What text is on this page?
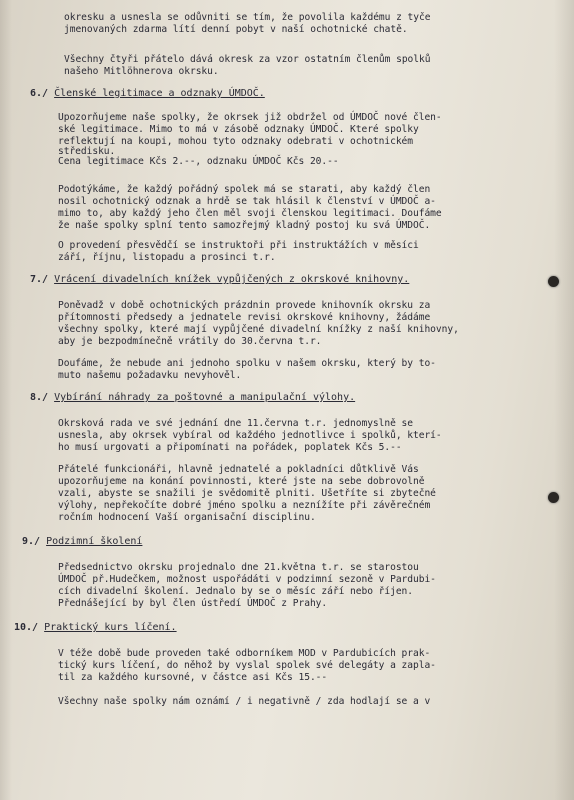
okresku a usnesla se odůvniti se tím, že povolila každému z tyče
jmenovaných zdarma lítí denní pobyt v naší ochotnické chatě.
Všechny čtyři přátelo dává okresk za vzor ostatním členům spolků
našeho Mitlöhnerova okrsku.
6./ Členské legitimace a odznaky ÚMDOČ.
Upozorňujeme naše spolky, že okrsek již obdržel od ÚMDOČ nové člen-
ské legitimace. Mimo to má v zásobě odznaky ÚMDOČ. Které spolky
reflektují na koupi, mohou tyto odznaky odebrati v ochotnickém
středisku.
Cena legitimace Kčs 2.--, odznaku ÚMDOČ Kčs 20.--
Podotýkáme, že každý pořádný spolek má se starati, aby každý člen
nosil ochotnický odznak a hrdě se tak hlásil k členství v ÚMDOČ a-
mimo to, aby každý jeho člen měl svoji členskou legitimaci. Doufáme
že naše spolky splní tento samozřejmý kladný postoj ku svá ÚMDOČ.
O provedení přesvědčí se instruktoři při instruktážích v měsíci
září, říjnu, listopadu a prosinci t.r.
7./ Vrácení divadelních knížek vypůjčených z okrskové knihovny.
Poněvadž v době ochotnických prázdnin provede knihovník okrsku za
přítomnosti předsedy a jednatele revisi okrskové knihovny, žádáme
všechny spolky, které mají vypůjčené divadelní knížky z naší knihovny,
aby je bezpodmínečně vrátily do 30.června t.r.
Doufáme, že nebude ani jednoho spolku v našem okrsku, který by to-
muto našemu požadavku nevyhověl.
8./ Vybírání náhrady za poštovné a manipulační výlohy.
Okrsková rada ve své jednání dne 11.června t.r. jednomyslně se
usnesla, aby okrsek vybíral od každého jednotlivce i spolků, kterí-
ho musí urgovati a připomínati na pořádek, poplatek Kčs 5.--
Přátelé funkcionáři, hlavně jednatelé a pokladníci důtklivě Vás
upozorňujeme na konání povinnosti, které jste na sebe dobrovolně
vzali, abyste se snažili je svědomitě plniti. Ušetříte si zbytečné
výlohy, nepřekočíte dobré jméno spolku a neznížíte při závěrečném
ročním hodnocení Vaší organisační disciplinu.
9./ Podzimní školení
Předsednictvo okrsku projednalo dne 21.května t.r. se starostou
ÚMDOČ př.Hudečkem, možnost uspořádáti v podzimní sezoně v Pardubi-
cích divadelní školení. Jednalo by se o měsíc září nebo říjen.
Přednášející by byl člen ústředí ÚMDOČ z Prahy.
10./ Praktický kurs líčení.
V téže době bude proveden také odborníkem MOD v Pardubicích prak-
tický kurs líčení, do něhož by vyslal spolek své delegáty a zapla-
til za každého kursovné, v částce asi Kčs 15.--
Všechny naše spolky nám oznámí / i negativně / zda hodlají se a v
